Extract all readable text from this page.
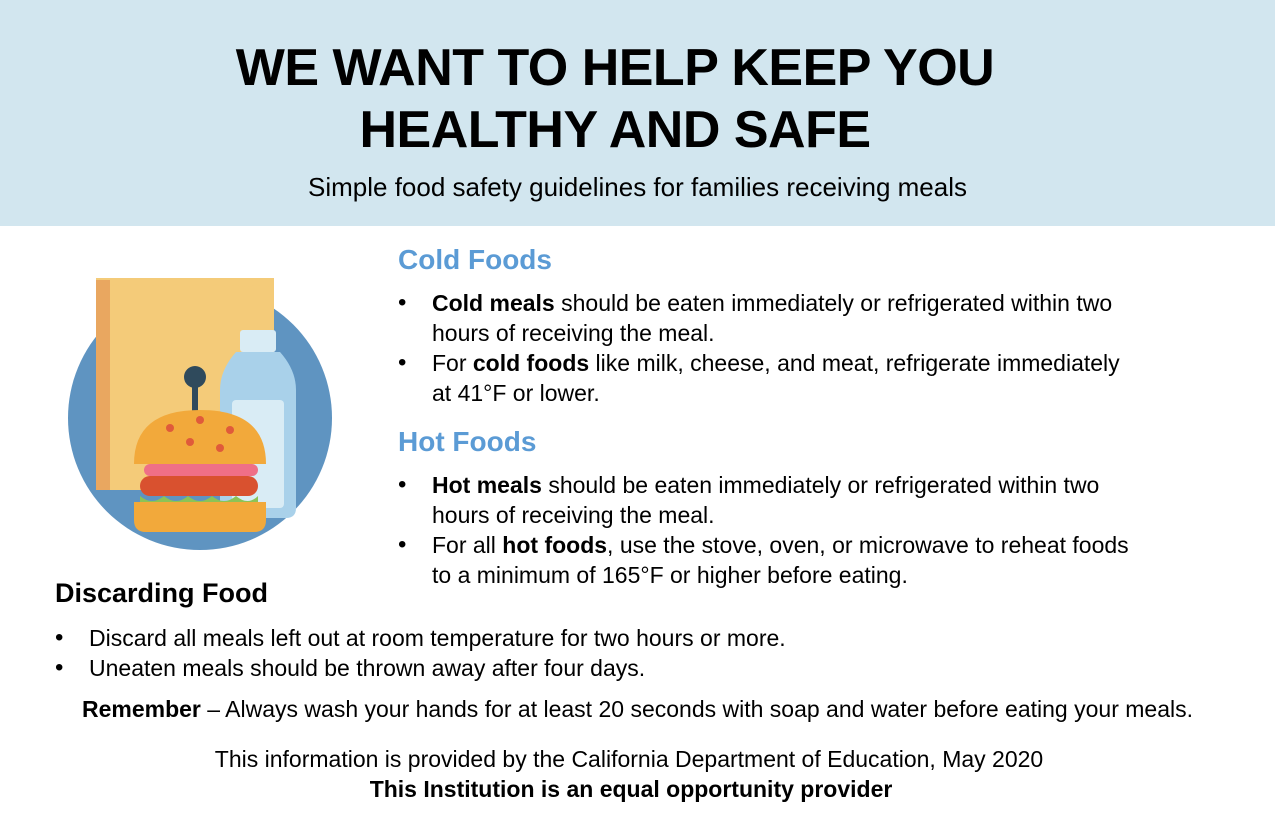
WE WANT TO HELP KEEP YOU
HEALTHY AND SAFE

Simple food safety guidelines for families receiving meals

Cold Foods
• Cold meals should be eaten immediately or refrigerated within two
hours of receiving the meal.
• For cold foods like milk, cheese, and meat, refrigerate immediately
at 41°F or lower.
Hot Foods
• Hot meals should be eaten immediately or refrigerated within two
hours of receiving the meal.
• For all hot foods, use the stove, oven, or microwave to reheat foods
to a minimum of 165°F or higher before eating.
Discarding Food
• Discard all meals left out at room temperature for two hours or more.
• Uneaten meals should be thrown away after four days.

Remember – Always wash your hands for at least 20 seconds with soap and water before eating your meals.

This information is provided by the California Department of Education, May 2020

This Institution is an equal opportunity provider
